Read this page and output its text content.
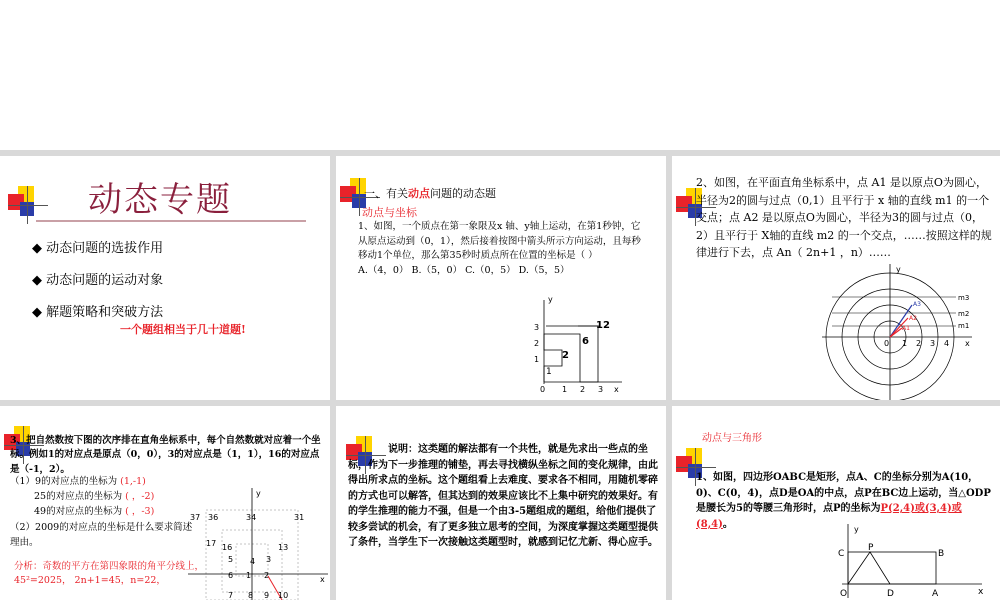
动态专题
◆ 动态问题的选拔作用
◆ 动态问题的运动对象
◆ 解题策略和突破方法
一个题组相当于几十道题!
一、有关动点问题的动态题
动点与坐标
1、如图，一个质点在第一象限及x 轴、y轴上运动，在第1秒钟，它从原点运动到（0，1），然后接着按图中箭头所示方向运动，且每秒移动1个单位，那么第35秒时质点所在位置的坐标是（ ）
A.（4，0） B.（5，0） C.（0，5） D.（5，5）
y
3
2
1
0 1 2 3 x
12
6
2
1
2、如图，在平面直角坐标系中，点 A1 是以原点O为圆心，半径为2的圆与过点（0,1）且平行于 x 轴的直线 m1 的一个交点；点 A2 是以原点O为圆心，半径为3的圆与过点（0，2）且平行于 X轴的直线 m2 的一个交点，……按照这样的规律进行下去，点 An（ 2n+1 ，n）……
y
m3
m2
m1
0 1 2 3 4 x
A3
A2
A1
3、把自然数按下图的次序排在直角坐标系中，每个自然数就对应着一个坐标。例如1的对应点是原点（0，0），3的对应点是（1，1），16的对应点是（-1，2）。
（1）9的对应点的坐标为 (1,-1)
25的对应点的坐标为 ( ，-2)
49的对应点的坐标为 ( ，-3)
（2）2009的对应点的坐标是什么要求简述理由。
分析：奇数的平方在第四象限的角平分线上， 45²=2025， 2n+1=45，n=22，
y
x
37 36	34	31
17 16	13
5 4 3
6 1 2
7 8 9 10
说明：这类题的解法都有一个共性，就是先求出一些点的坐标，作为下一步推理的铺垫，再去寻找横纵坐标之间的变化规律，由此得出所求点的坐标。这个题组看上去难度、要求各不相同，用随机零碎的方式也可以解答，但其达到的效果应该比不上集中研究的效果好。有的学生推理的能力不强，但是一个由3-5题组成的题组，给他们提供了较多尝试的机会，有了更多独立思考的空间，为深度掌握这类题型提供了条件，当学生下一次接触这类题型时，就感到记忆尤新、得心应手。
动点与三角形
1、如图，四边形OABC是矩形，点A、C的坐标分别为A(10，0)、C(0，4)，点D是OA的中点，点P在BC边上运动，当△ODP是腰长为5的等腰三角形时，点P的坐标为P(2,4)或(3,4)或(8,4)。	y
C
P
B
O	D	A	x
